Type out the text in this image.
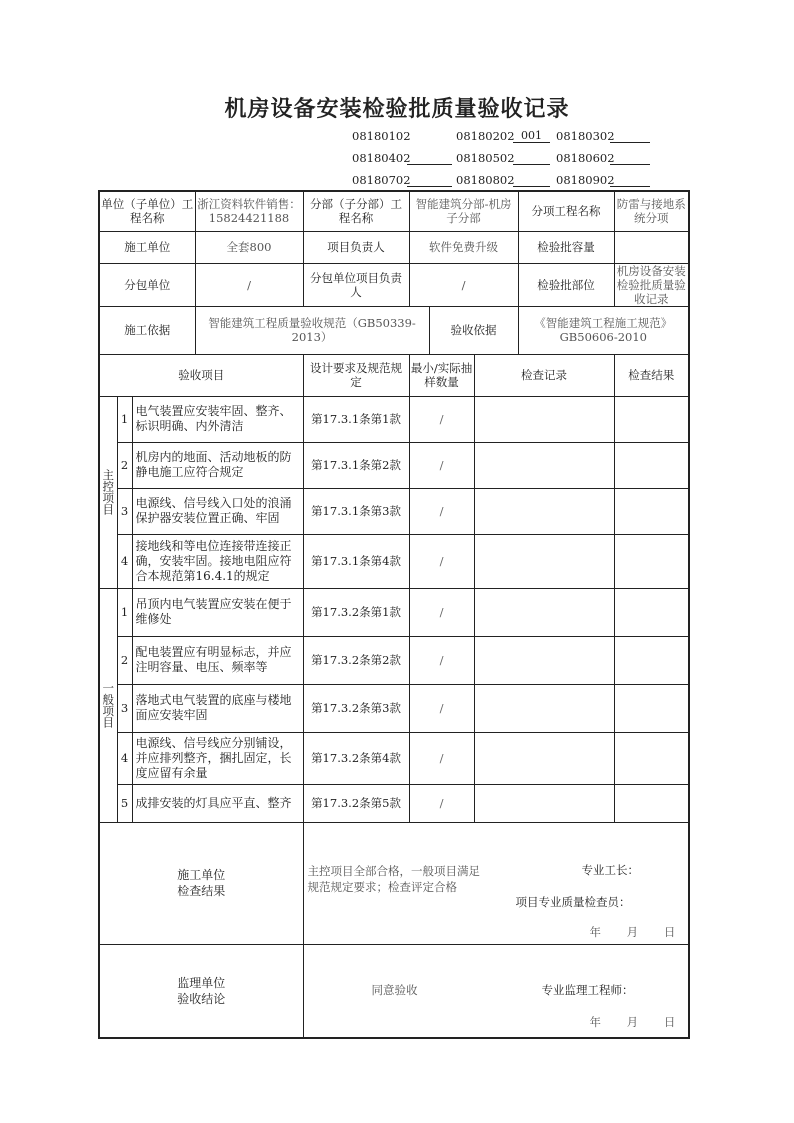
机房设备安装检验批质量验收记录
08180102	08180202 001	08180302
08180402	08180502	08180602
08180702	08180802	08180902
单位（子单位）工程名称			浙江资料软件销售：15824421188	分部（子分部）工程名称	智能建筑分部-机房子分部			分项工程名称	防雷与接地系统分项
施工单位			全套800	项目负责人	软件免费升级			检验批容量	
分包单位			/	分包单位项目负责人	/			检验批部位	机房设备安装检验批质量验收记录
施工依据			智能建筑工程质量验收规范（GB50339-2013）			验收依据		《智能建筑工程施工规范》GB50606-2010	
验收项目				设计要求及规范规定	最小/实际抽样数量		检查记录		检查结果
主控项目	1	电气装置应安装牢固、整齐、标识明确、内外清洁		第17.3.1条第1款	/				
	2	机房内的地面、活动地板的防静电施工应符合规定		第17.3.1条第2款	/				
	3	电源线、信号线入口处的浪涌保护器安装位置正确、牢固		第17.3.1条第3款	/				
	4	接地线和等电位连接带连接正确，安装牢固。接地电阻应符合本规范第16.4.1的规定		第17.3.1条第4款	/				
一般项目	1	吊顶内电气装置应安装在便于维修处		第17.3.2条第1款	/				
	2	配电装置应有明显标志，并应注明容量、电压、频率等		第17.3.2条第2款	/				
	3	落地式电气装置的底座与楼地面应安装牢固		第17.3.2条第3款	/				
	4	电源线、信号线应分别铺设，并应排列整齐，捆扎固定，长度应留有余量		第17.3.2条第4款	/				
	5	成排安装的灯具应平直、整齐		第17.3.2条第5款	/				

施工单位检查结果				主控项目全部合格，一般项目满足规范规定要求；检查评定合格
专业工长：
项目专业质量检查员：
年 月 日					

监理单位验收结论				同意验收 专业监理工程师：
年 月 日					
